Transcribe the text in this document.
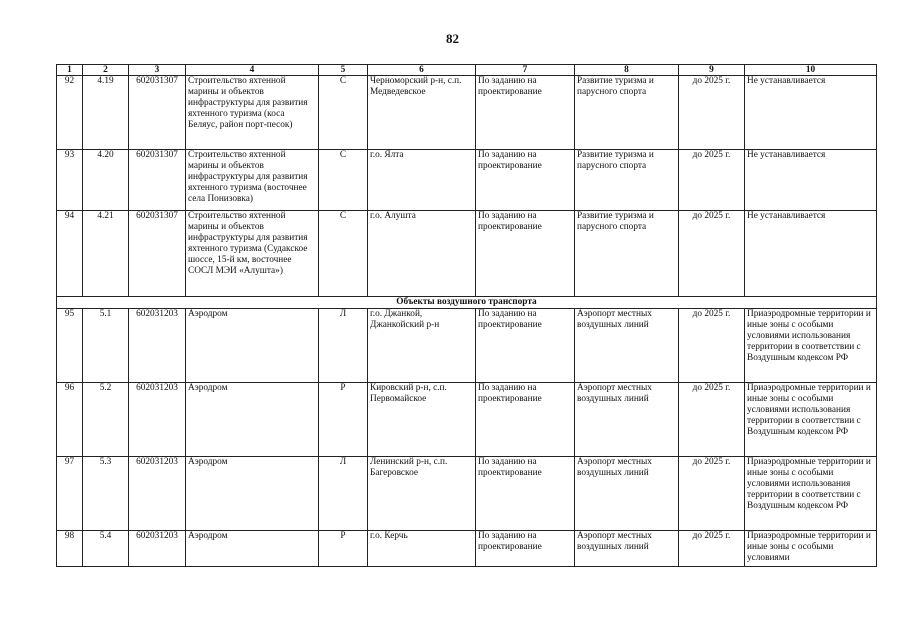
82
1	2	3	4	5	6	7	8	9	10
92	4.19	602031307	Строительство яхтенной марины и объектов инфраструктуры для развития яхтенного туризма (коса Беляус, район порт-песок)	С	Черноморский р-н, с.п. Медведевское	По заданию на проектирование	Развитие туризма и парусного спорта	до 2025 г.	Не устанавливается
93	4.20	602031307	Строительство яхтенной марины и объектов инфраструктуры для развития яхтенного туризма (восточнее села Понизовка)	С	г.о. Ялта	По заданию на проектирование	Развитие туризма и парусного спорта	до 2025 г.	Не устанавливается
94	4.21	602031307	Строительство яхтенной марины и объектов инфраструктуры для развития яхтенного туризма (Судакское шоссе, 15-й км, восточнее СОСЛ МЭИ «Алушта»)	С	г.о. Алушта	По заданию на проектирование	Развитие туризма и парусного спорта	до 2025 г.	Не устанавливается
Объекты воздушного транспорта									
95	5.1	602031203	Аэродром	Л	г.о. Джанкой, Джанкойский р-н	По заданию на проектирование	Аэропорт местных воздушных линий	до 2025 г.	Приаэродромные территории и иные зоны с особыми условиями использования территории в соответствии с Воздушным кодексом РФ
96	5.2	602031203	Аэродром	Р	Кировский р-н, с.п. Первомайское	По заданию на проектирование	Аэропорт местных воздушных линий	до 2025 г.	Приаэродромные территории и иные зоны с особыми условиями использования территории в соответствии с Воздушным кодексом РФ
97	5.3	602031203	Аэродром	Л	Ленинский р-н, с.п. Багеровское	По заданию на проектирование	Аэропорт местных воздушных линий	до 2025 г.	Приаэродромные территории и иные зоны с особыми условиями использования территории в соответствии с Воздушным кодексом РФ
98	5.4	602031203	Аэродром	Р	г.о. Керчь	По заданию на проектирование	Аэропорт местных воздушных линий	до 2025 г.	Приаэродромные территории и иные зоны с особыми условиями
